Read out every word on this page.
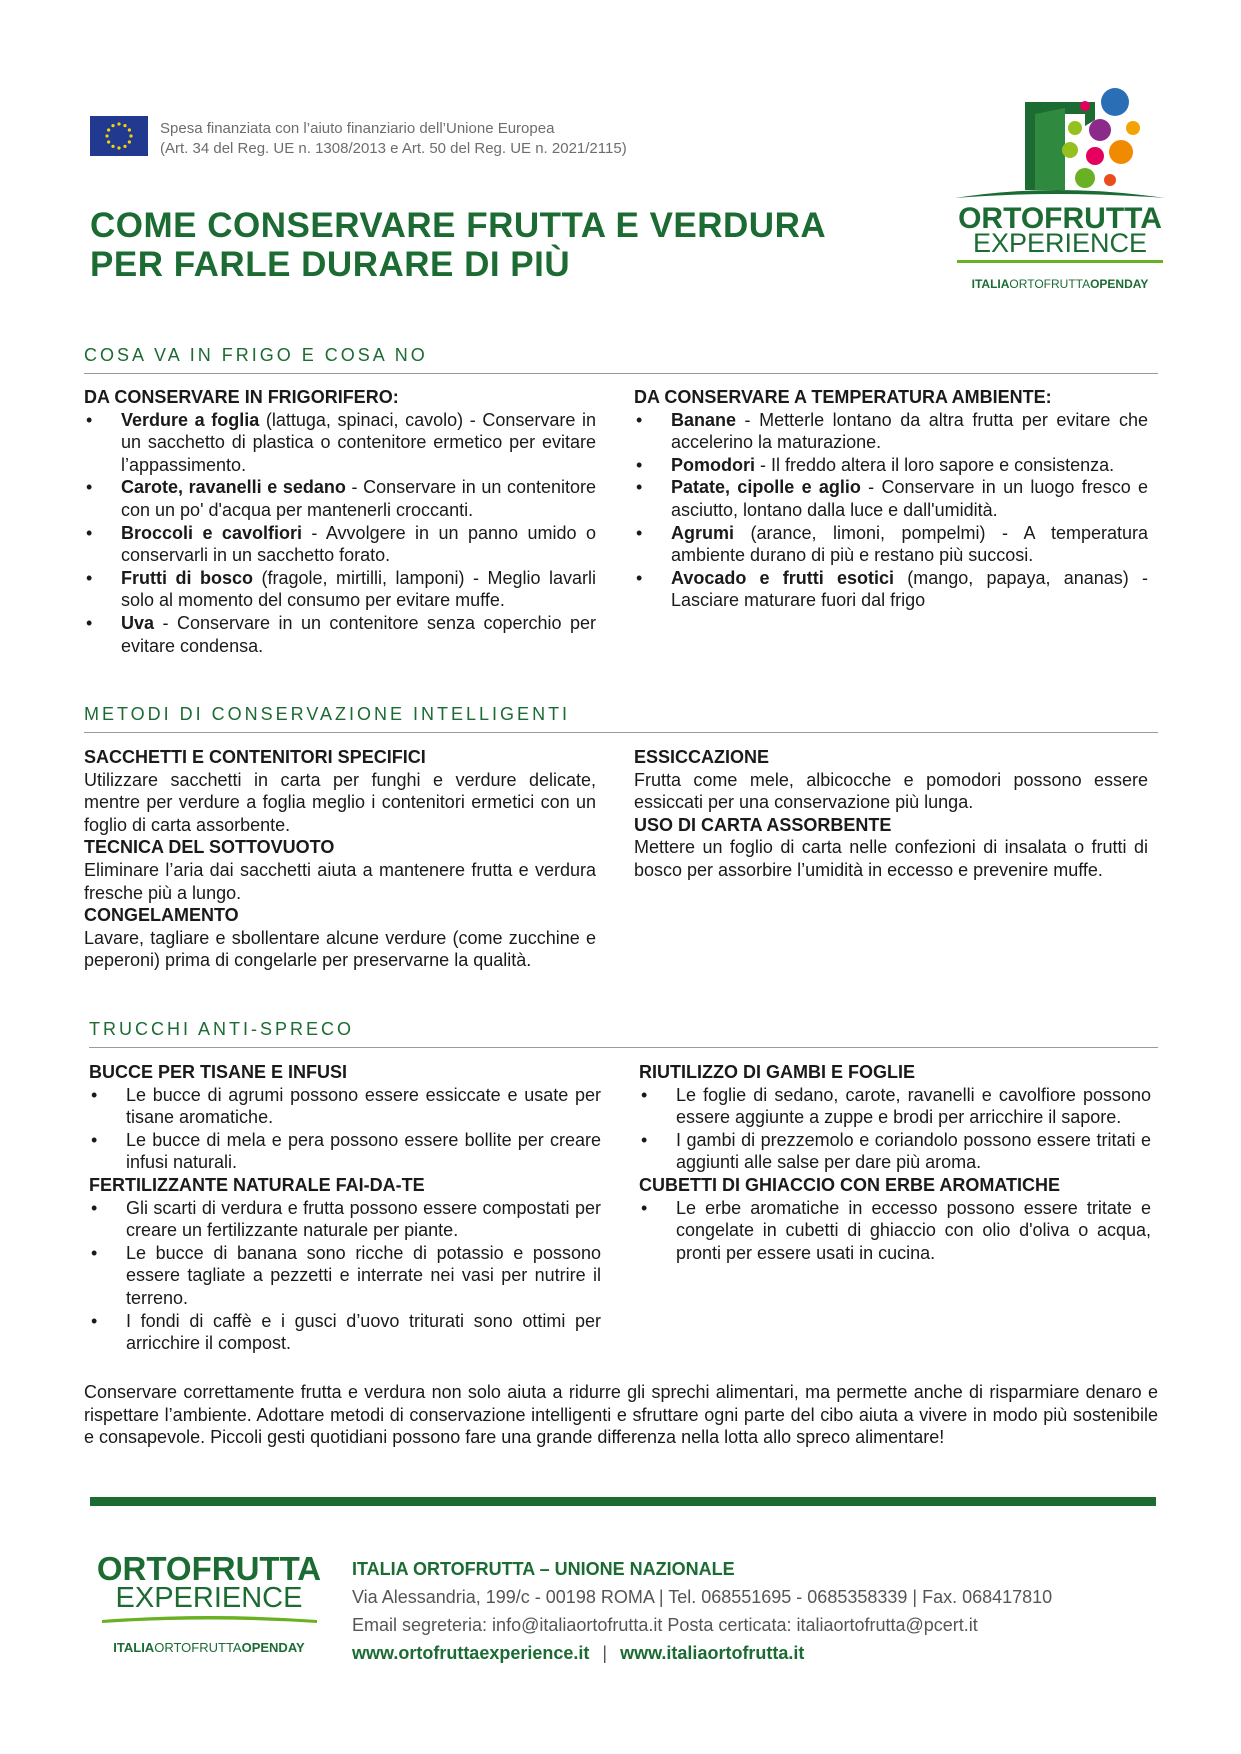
Spesa finanziata con l’aiuto finanziario dell’Unione Europea
(Art. 34 del Reg. UE n. 1308/2013 e Art. 50 del Reg. UE n. 2021/2115)
COME CONSERVARE FRUTTA E VERDURA
PER FARLE DURARE DI PIÙ
ORTOFRUTTA
EXPERIENCE
ITALIAORTOFRUTTAOPENDAY
COSA VA IN FRIGO E COSA NO

DA CONSERVARE IN FRIGORIFERO:

• Verdure a foglia (lattuga, spinaci, cavolo) - Conservare in un sacchetto di plastica o contenitore ermetico per evitare l’appassimento.
• Carote, ravanelli e sedano - Conservare in un contenitore con un po' d'acqua per mantenerli croccanti.
• Broccoli e cavolfiori - Avvolgere in un panno umido o conservarli in un sacchetto forato.
• Frutti di bosco (fragole, mirtilli, lamponi) - Meglio lavarli solo al momento del consumo per evitare muffe.
• Uva - Conservare in un contenitore senza coperchio per evitare condensa.

DA CONSERVARE A TEMPERATURA AMBIENTE:

• Banane - Metterle lontano da altra frutta per evitare che accelerino la maturazione.
• Pomodori - Il freddo altera il loro sapore e consistenza.
• Patate, cipolle e aglio - Conservare in un luogo fresco e asciutto, lontano dalla luce e dall'umidità.
• Agrumi (arance, limoni, pompelmi) - A temperatura ambiente durano di più e restano più succosi.
• Avocado e frutti esotici (mango, papaya, ananas) - Lasciare maturare fuori dal frigo
METODI DI CONSERVAZIONE INTELLIGENTI

SACCHETTI E CONTENITORI SPECIFICI

Utilizzare sacchetti in carta per funghi e verdure delicate, mentre per verdure a foglia meglio i contenitori ermetici con un foglio di carta assorbente.

TECNICA DEL SOTTOVUOTO

Eliminare l’aria dai sacchetti aiuta a mantenere frutta e verdura fresche più a lungo.

CONGELAMENTO

Lavare, tagliare e sbollentare alcune verdure (come zucchine e peperoni) prima di congelarle per preservarne la qualità.

ESSICCAZIONE

Frutta come mele, albicocche e pomodori possono essere essiccati per una conservazione più lunga.

USO DI CARTA ASSORBENTE

Mettere un foglio di carta nelle confezioni di insalata o frutti di bosco per assorbire l’umidità in eccesso e prevenire muffe.

TRUCCHI ANTI-SPRECO

BUCCE PER TISANE E INFUSI

• Le bucce di agrumi possono essere essiccate e usate per tisane aromatiche.
• Le bucce di mela e pera possono essere bollite per creare infusi naturali.

FERTILIZZANTE NATURALE FAI-DA-TE

• Gli scarti di verdura e frutta possono essere compostati per creare un fertilizzante naturale per piante.
• Le bucce di banana sono ricche di potassio e possono essere tagliate a pezzetti e interrate nei vasi per nutrire il terreno.
• I fondi di caffè e i gusci d’uovo triturati sono ottimi per arricchire il compost.

RIUTILIZZO DI GAMBI E FOGLIE

• Le foglie di sedano, carote, ravanelli e cavolfiore possono essere aggiunte a zuppe e brodi per arricchire il sapore.
• I gambi di prezzemolo e coriandolo possono essere tritati e aggiunti alle salse per dare più aroma.

CUBETTI DI GHIACCIO CON ERBE AROMATICHE

• Le erbe aromatiche in eccesso possono essere tritate e congelate in cubetti di ghiaccio con olio d'oliva o acqua, pronti per essere usati in cucina.
Conservare correttamente frutta e verdura non solo aiuta a ridurre gli sprechi alimentari, ma permette anche di risparmiare denaro e rispettare l’ambiente. Adottare metodi di conservazione intelligenti e sfruttare ogni parte del cibo aiuta a vivere in modo più sostenibile e consapevole. Piccoli gesti quotidiani possono fare una grande differenza nella lotta allo spreco alimentare!
ORTOFRUTTA
EXPERIENCE
ITALIAORTOFRUTTAOPENDAY
ITALIA ORTOFRUTTA – UNIONE NAZIONALE
Via Alessandria, 199/c - 00198 ROMA | Tel. 068551695 - 0685358339 | Fax. 068417810
Email segreteria: info@italiaortofrutta.it Posta certicata: italiaortofrutta@pcert.it
www.ortofruttaexperience.it | www.italiaortofrutta.it
